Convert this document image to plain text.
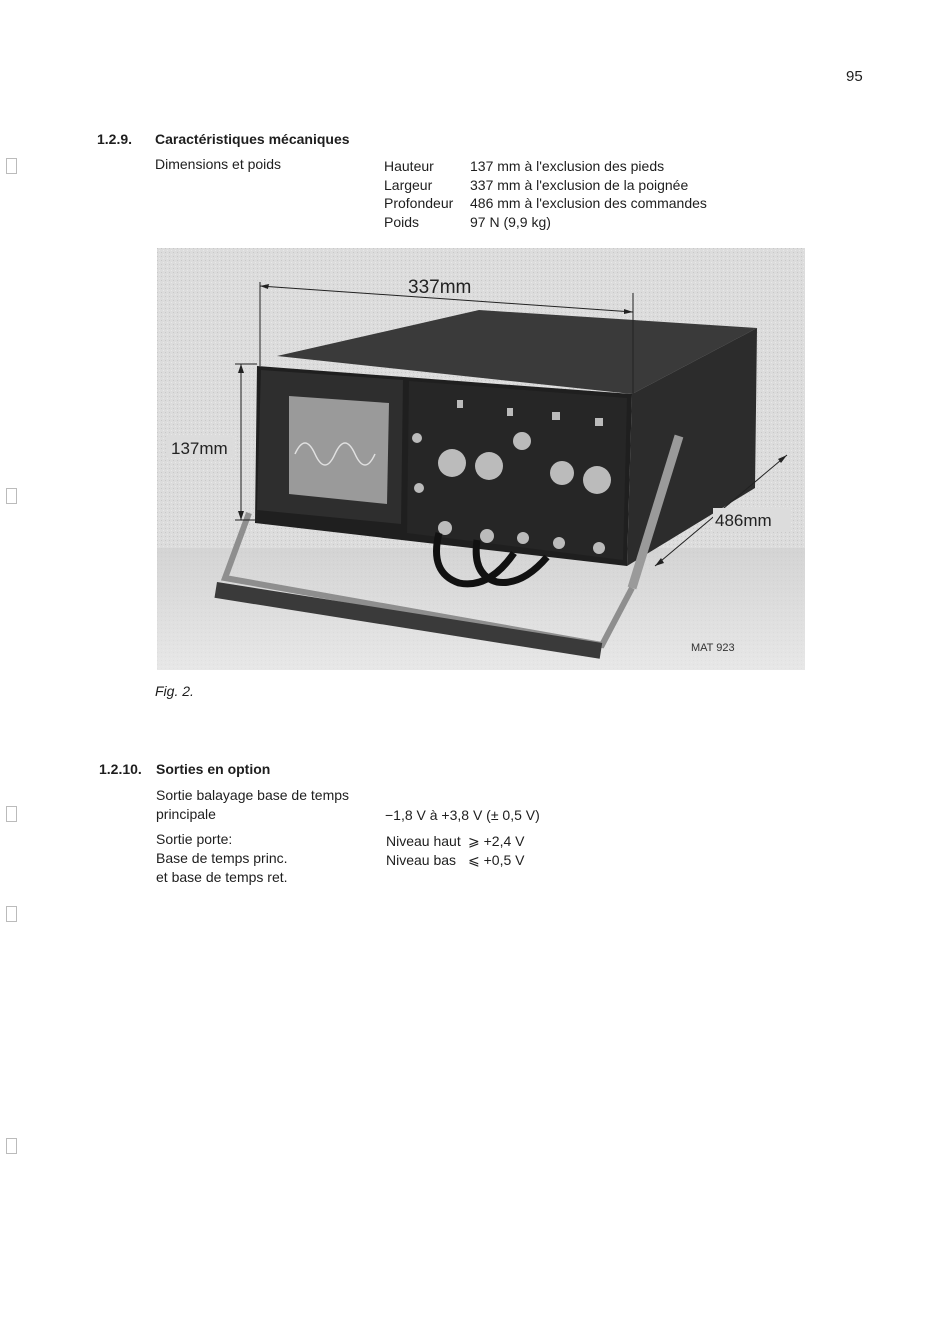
95
1.2.9. Caractéristiques mécaniques
Dimensions et poids	Hauteur	137 mm à l'exclusion des pieds
Largeur	337 mm à l'exclusion de la poignée
Profondeur	486 mm à l'exclusion des commandes
Poids	97 N (9,9 kg)
337mm
137mm
486mm
MAT 923
Fig. 2.
1.2.10. Sorties en option
Sortie balayage base de temps
principale	−1,8 V à +3,8 V (± 0,5 V)
Sortie porte:
Base de temps princ.
et base de temps ret.
Niveau haut ⩾ +2,4 V
Niveau bas ⩽ +0,5 V
